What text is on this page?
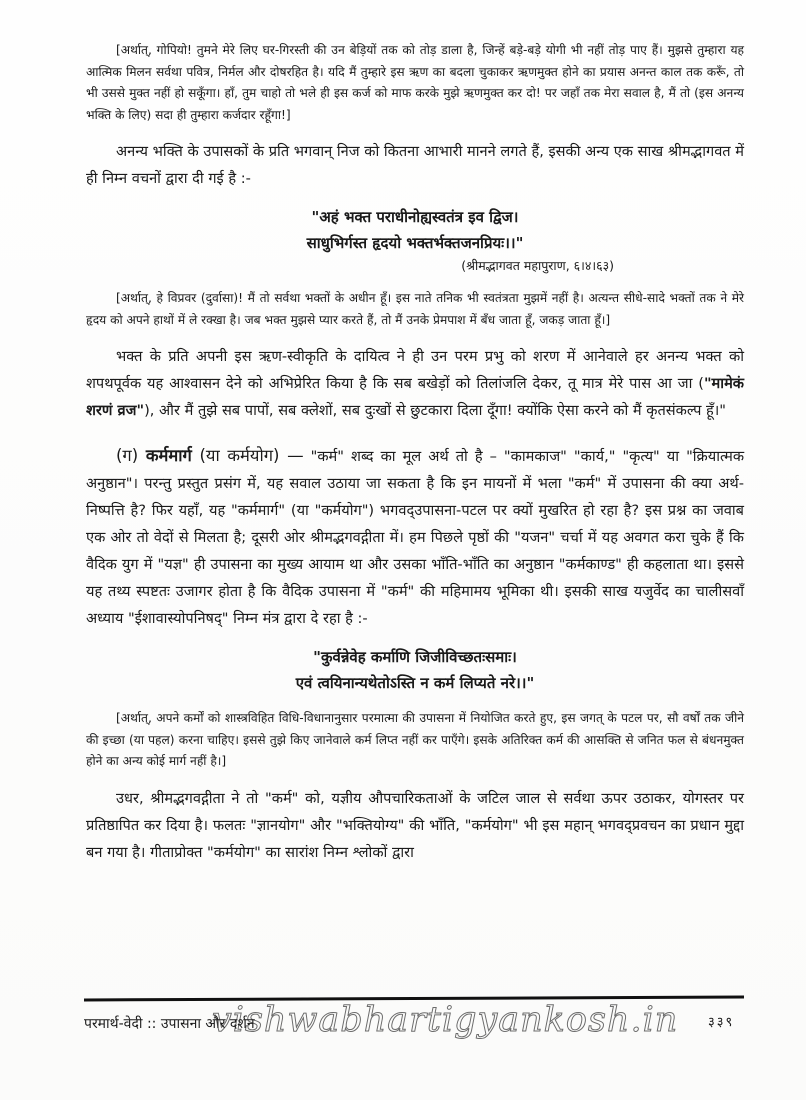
[अर्थात्, गोपियो! तुमने मेरे लिए घर-गिरस्ती की उन बेड़ियों तक को तोड़ डाला है, जिन्हें बड़े-बड़े योगी भी नहीं तोड़ पाए हैं। मुझसे तुम्हारा यह आत्मिक मिलन सर्वथा पवित्र, निर्मल और दोषरहित है। यदि मैं तुम्हारे इस ऋण का बदला चुकाकर ऋणमुक्त होने का प्रयास अनन्त काल तक करूँ, तो भी उससे मुक्त नहीं हो सकूँगा। हाँ, तुम चाहो तो भले ही इस कर्ज को माफ करके मुझे ऋणमुक्त कर दो! पर जहाँ तक मेरा सवाल है, मैं तो (इस अनन्य भक्ति के लिए) सदा ही तुम्हारा कर्जदार रहूँगा!]

अनन्य भक्ति के उपासकों के प्रति भगवान् निज को कितना आभारी मानने लगते हैं, इसकी अन्य एक साख श्रीमद्भागवत में ही निम्न वचनों द्वारा दी गई है :-

"अहं भक्त पराधीनोह्यस्वतंत्र इव द्विज।

साधुभिर्गस्त हृदयो भक्तर्भक्तजनप्रियः।।"

(श्रीमद्भागवत महापुराण, ६।४।६३)

[अर्थात्, हे विप्रवर (दुर्वासा)! मैं तो सर्वथा भक्तों के अधीन हूँ। इस नाते तनिक भी स्वतंत्रता मुझमें नहीं है। अत्यन्त सीधे-सादे भक्तों तक ने मेरे हृदय को अपने हाथों में ले रक्खा है। जब भक्त मुझसे प्यार करते हैं, तो मैं उनके प्रेमपाश में बँध जाता हूँ, जकड़ जाता हूँ।]

भक्त के प्रति अपनी इस ऋण-स्वीकृति के दायित्व ने ही उन परम प्रभु को शरण में आनेवाले हर अनन्य भक्त को शपथपूर्वक यह आश्वासन देने को अभिप्रेरित किया है कि सब बखेड़ों को तिलांजलि देकर, तू मात्र मेरे पास आ जा ("मामेकं शरणं व्रज"), और मैं तुझे सब पापों, सब क्लेशों, सब दुःखों से छुटकारा दिला दूँगा! क्योंकि ऐसा करने को मैं कृतसंकल्प हूँ।"

(ग) कर्ममार्ग (या कर्मयोग) — "कर्म" शब्द का मूल अर्थ तो है – "कामकाज" "कार्य," "कृत्य" या "क्रियात्मक अनुष्ठान"। परन्तु प्रस्तुत प्रसंग में, यह सवाल उठाया जा सकता है कि इन मायनों में भला "कर्म" में उपासना की क्या अर्थ-निष्पत्ति है? फिर यहाँ, यह "कर्ममार्ग" (या "कर्मयोग") भगवद्उपासना-पटल पर क्यों मुखरित हो रहा है? इस प्रश्न का जवाब एक ओर तो वेदों से मिलता है; दूसरी ओर श्रीमद्भगवद्गीता में। हम पिछले पृष्ठों की "यजन" चर्चा में यह अवगत करा चुके हैं कि वैदिक युग में "यज्ञ" ही उपासना का मुख्य आयाम था और उसका भाँति-भाँति का अनुष्ठान "कर्मकाण्ड" ही कहलाता था। इससे यह तथ्य स्पष्टतः उजागर होता है कि वैदिक उपासना में "कर्म" की महिमामय भूमिका थी। इसकी साख यजुर्वेद का चालीसवाँ अध्याय "ईशावास्योपनिषद्" निम्न मंत्र द्वारा दे रहा है :-

"कुर्वन्नेवेह कर्माणि जिजीविच्छतःसमाः।

एवं त्वयिनान्यथेतोऽस्ति न कर्म लिप्यते नरे।।"

[अर्थात्, अपने कर्मों को शास्त्रविहित विधि-विधानानुसार परमात्मा की उपासना में नियोजित करते हुए, इस जगत् के पटल पर, सौ वर्षों तक जीने की इच्छा (या पहल) करना चाहिए। इससे तुझे किए जानेवाले कर्म लिप्त नहीं कर पाएँगे। इसके अतिरिक्त कर्म की आसक्ति से जनित फल से बंधनमुक्त होने का अन्य कोई मार्ग नहीं है।]

उधर, श्रीमद्भगवद्गीता ने तो "कर्म" को, यज्ञीय औपचारिकताओं के जटिल जाल से सर्वथा ऊपर उठाकर, योगस्तर पर प्रतिष्ठापित कर दिया है। फलतः "ज्ञानयोग" और "भक्तियोग्य" की भाँति, "कर्मयोग" भी इस महान् भगवद्प्रवचन का प्रधान मुद्दा बन गया है। गीताप्रोक्त "कर्मयोग" का सारांश निम्न श्लोकों द्वारा

परमार्थ-वेदी :: उपासना और दर्शन	३३९
vishwabhartigyankosh.in
